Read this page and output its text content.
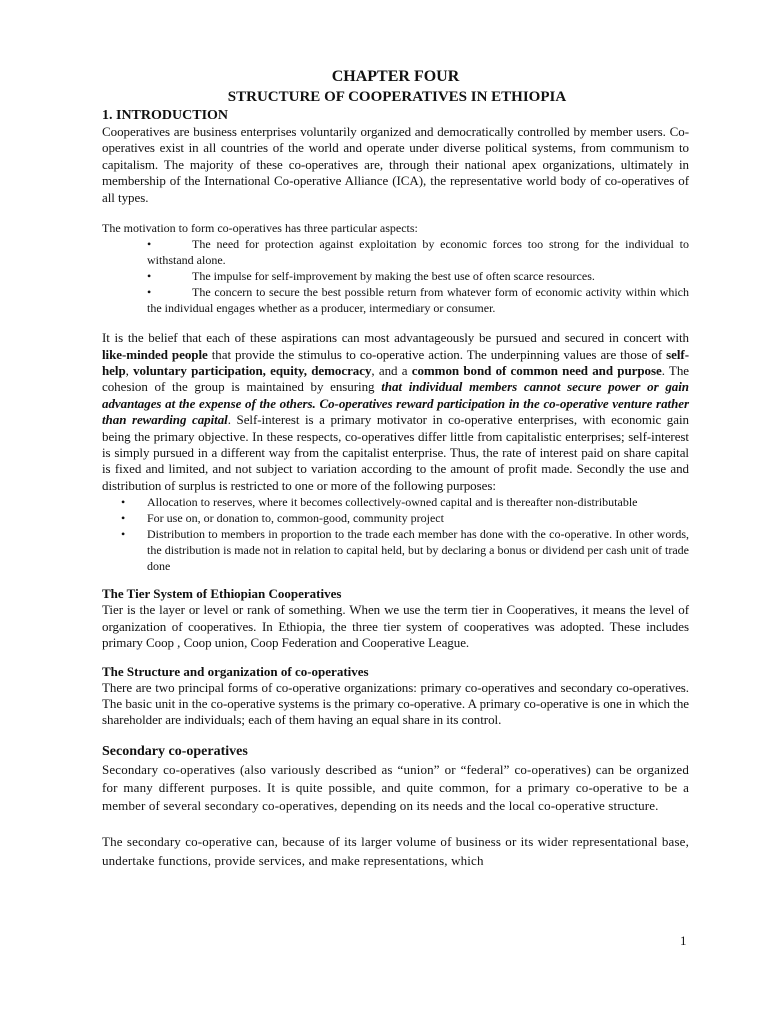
CHAPTER FOUR

STRUCTURE OF COOPERATIVES IN ETHIOPIA

1. INTRODUCTION

Cooperatives are business enterprises voluntarily organized and democratically controlled by member users. Co-operatives exist in all countries of the world and operate under diverse political systems, from communism to capitalism. The majority of these co-operatives are, through their national apex organizations, ultimately in membership of the International Co-operative Alliance (ICA), the representative world body of co-operatives of all types.

The motivation to form co-operatives has three particular aspects:

•	The need for protection against exploitation by economic forces too strong for the individual to withstand alone.
•	The impulse for self-improvement by making the best use of often scarce resources.
•	The concern to secure the best possible return from whatever form of economic activity within which the individual engages whether as a producer, intermediary or consumer.

It is the belief that each of these aspirations can most advantageously be pursued and secured in concert with like-minded people that provide the stimulus to co-operative action. The underpinning values are those of self-help, voluntary participation, equity, democracy, and a common bond of common need and purpose. The cohesion of the group is maintained by ensuring that individual members cannot secure power or gain advantages at the expense of the others. Co-operatives reward participation in the co-operative venture rather than rewarding capital. Self-interest is a primary motivator in co-operative enterprises, with economic gain being the primary objective. In these respects, co-operatives differ little from capitalistic enterprises; self-interest is simply pursued in a different way from the capitalist enterprise. Thus, the rate of interest paid on share capital is fixed and limited, and not subject to variation according to the amount of profit made. Secondly the use and distribution of surplus is restricted to one or more of the following purposes:

• Allocation to reserves, where it becomes collectively-owned capital and is thereafter non-distributable
• For use on, or donation to, common-good, community project
• Distribution to members in proportion to the trade each member has done with the co-operative. In other words, the distribution is made not in relation to capital held, but by declaring a bonus or dividend per cash unit of trade done

The Tier System of Ethiopian Cooperatives

Tier is the layer or level or rank of something. When we use the term tier in Cooperatives, it means the level of organization of cooperatives. In Ethiopia, the three tier system of cooperatives was adopted. These includes primary Coop , Coop union, Coop Federation and Cooperative League.

The Structure and organization of co-operatives

There are two principal forms of co-operative organizations: primary co-operatives and secondary co-operatives. The basic unit in the co-operative systems is the primary co-operative. A primary co-operative is one in which the shareholder are individuals; each of them having an equal share in its control.

Secondary co-operatives

Secondary co-operatives (also variously described as “union” or “federal” co-operatives) can be organized for many different purposes. It is quite possible, and quite common, for a primary co-operative to be a member of several secondary co-operatives, depending on its needs and the local co-operative structure.

The secondary co-operative can, because of its larger volume of business or its wider representational base, undertake functions, provide services, and make representations, which

1
